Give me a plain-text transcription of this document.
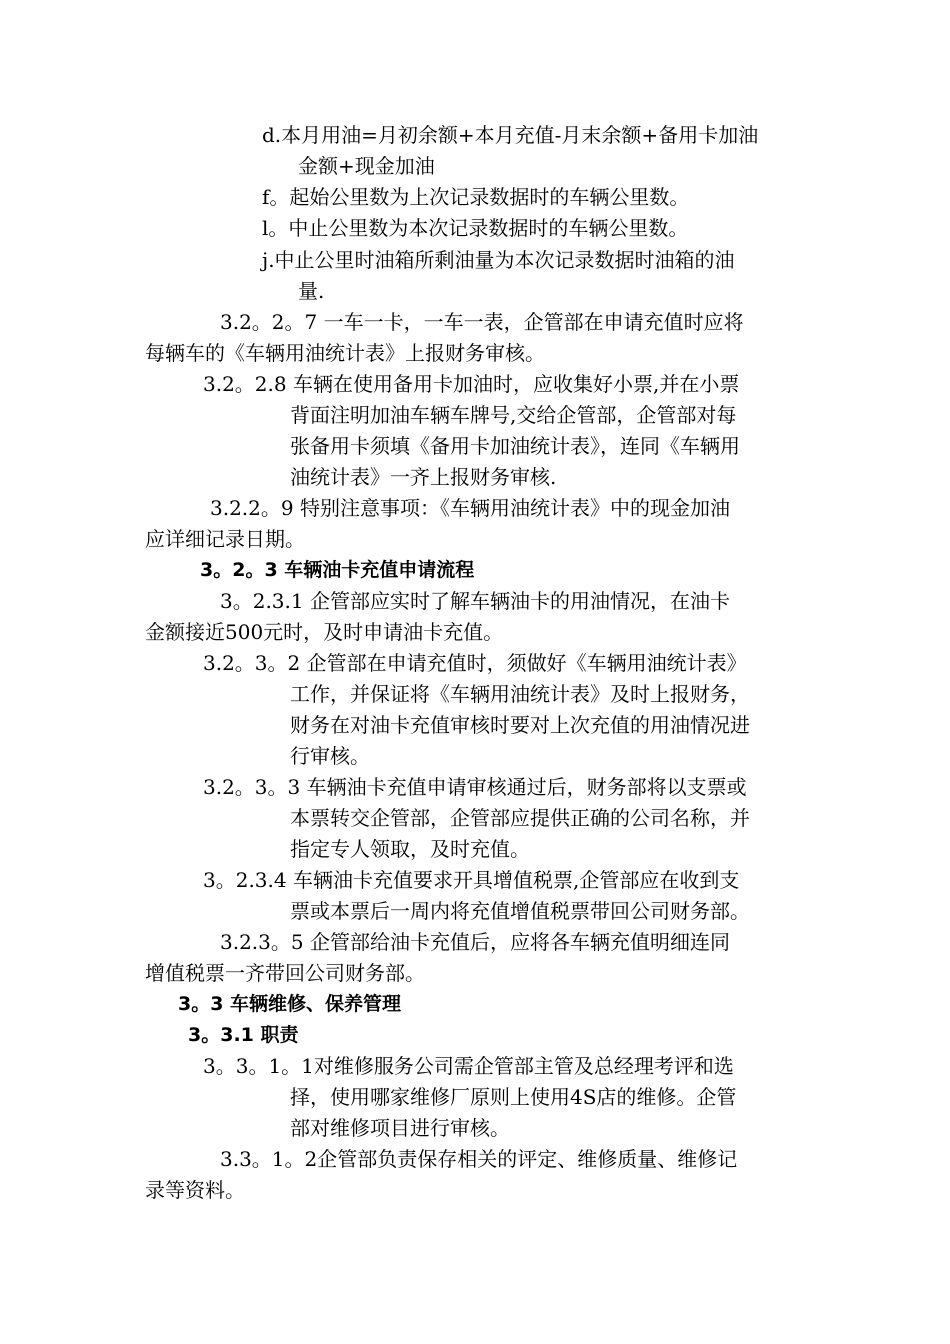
d.本月用油=月初余额+本月充值-月末余额+备用卡加油
金额+现金加油
f。起始公里数为上次记录数据时的车辆公里数。
l。中止公里数为本次记录数据时的车辆公里数。
j.中止公里时油箱所剩油量为本次记录数据时油箱的油
量.
3.2。2。7 一车一卡，一车一表，企管部在申请充值时应将
每辆车的《车辆用油统计表》上报财务审核。
3.2。2.8 车辆在使用备用卡加油时，应收集好小票,并在小票
背面注明加油车辆车牌号,交给企管部，企管部对每
张备用卡须填《备用卡加油统计表》，连同《车辆用
油统计表》一齐上报财务审核.
3.2.2。9 特别注意事项：《车辆用油统计表》中的现金加油
应详细记录日期。
3。2。3 车辆油卡充值申请流程
3。2.3.1 企管部应实时了解车辆油卡的用油情况，在油卡
金额接近500元时，及时申请油卡充值。
3.2。3。2 企管部在申请充值时，须做好《车辆用油统计表》
工作，并保证将《车辆用油统计表》及时上报财务，
财务在对油卡充值审核时要对上次充值的用油情况进
行审核。
3.2。3。3 车辆油卡充值申请审核通过后，财务部将以支票或
本票转交企管部，企管部应提供正确的公司名称，并
指定专人领取，及时充值。
3。2.3.4 车辆油卡充值要求开具增值税票,企管部应在收到支
票或本票后一周内将充值增值税票带回公司财务部。
3.2.3。5 企管部给油卡充值后，应将各车辆充值明细连同
增值税票一齐带回公司财务部。
3。3 车辆维修、保养管理
3。3.1 职责
3。3。1。1对维修服务公司需企管部主管及总经理考评和选
择，使用哪家维修厂原则上使用4S店的维修。企管
部对维修项目进行审核。
3.3。1。2企管部负责保存相关的评定、维修质量、维修记
录等资料。
